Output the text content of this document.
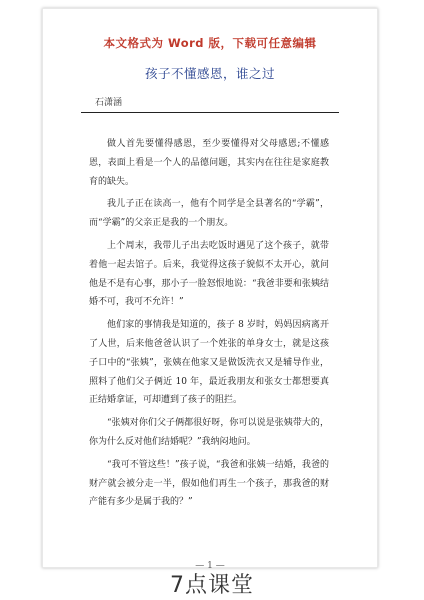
本文格式为 Word 版，下载可任意编辑
孩子不懂感恩，谁之过
石潇涵

做人首先要懂得感恩，至少要懂得对父母感恩;不懂感恩，表面上看是一个人的品德问题，其实内在往往是家庭教育的缺失。

我儿子正在读高一，他有个同学是全县著名的“学霸”，而“学霸”的父亲正是我的一个朋友。

上个周末，我带儿子出去吃饭时遇见了这个孩子，就带着他一起去馆子。后来，我觉得这孩子貌似不太开心，就问他是不是有心事，那小子一脸怒恨地说：“我爸非要和张姨结婚不可，我可不允许！”

他们家的事情我是知道的，孩子 8 岁时，妈妈因病离开了人世，后来他爸爸认识了一个姓张的单身女士，就是这孩子口中的“张姨”，张姨在他家又是做饭洗衣又是辅导作业，照料了他们父子俩近 10 年，最近我朋友和张女士都想要真正结婚拿证，可却遭到了孩子的阻拦。

“张姨对你们父子俩都很好呀，你可以说是张姨带大的，你为什么反对他们结婚呢？”我纳闷地问。

“我可不管这些！”孩子说，“我爸和张姨一结婚，我爸的财产就会被分走一半，假如他们再生一个孩子，那我爸的财产能有多少是属于我的？”

— 1 —
7点课堂
